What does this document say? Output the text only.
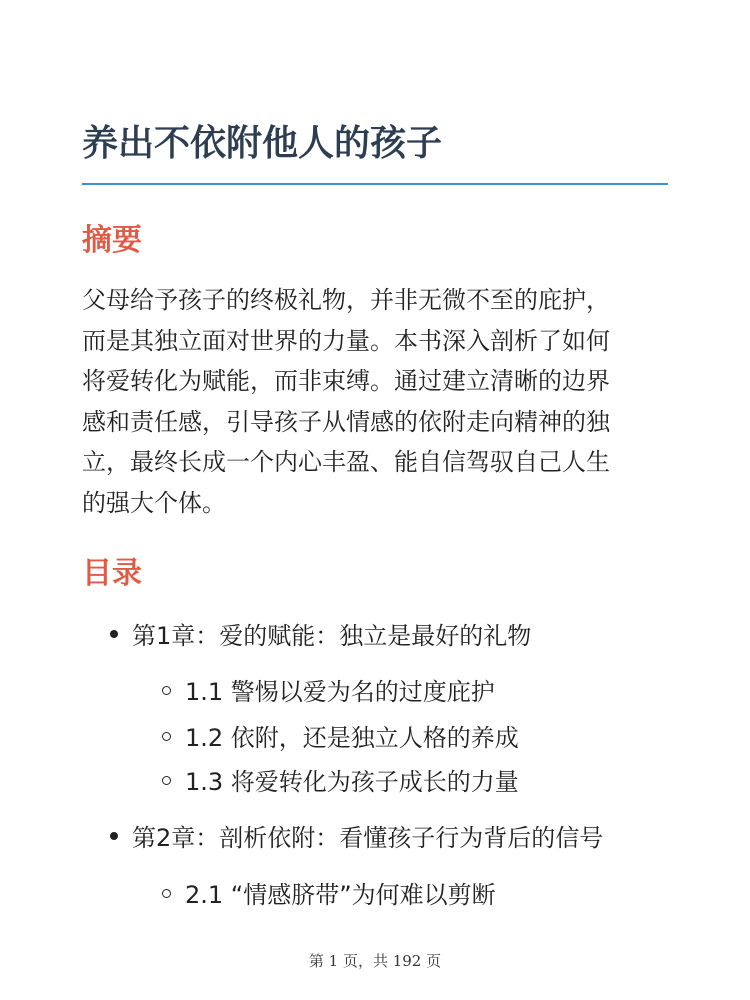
养出不依附他人的孩子
摘要
父母给予孩子的终极礼物，并非无微不至的庇护，
而是其独立面对世界的力量。本书深入剖析了如何
将爱转化为赋能，而非束缚。通过建立清晰的边界
感和责任感，引导孩子从情感的依附走向精神的独
立，最终长成一个内心丰盈、能自信驾驭自己人生
的强大个体。
目录
第1章：爱的赋能：独立是最好的礼物
1.1 警惕以爱为名的过度庇护
1.2 依附，还是独立人格的养成
1.3 将爱转化为孩子成长的力量
第2章：剖析依附：看懂孩子行为背后的信号
2.1 “情感脐带”为何难以剪断
第 1 页，共 192 页
